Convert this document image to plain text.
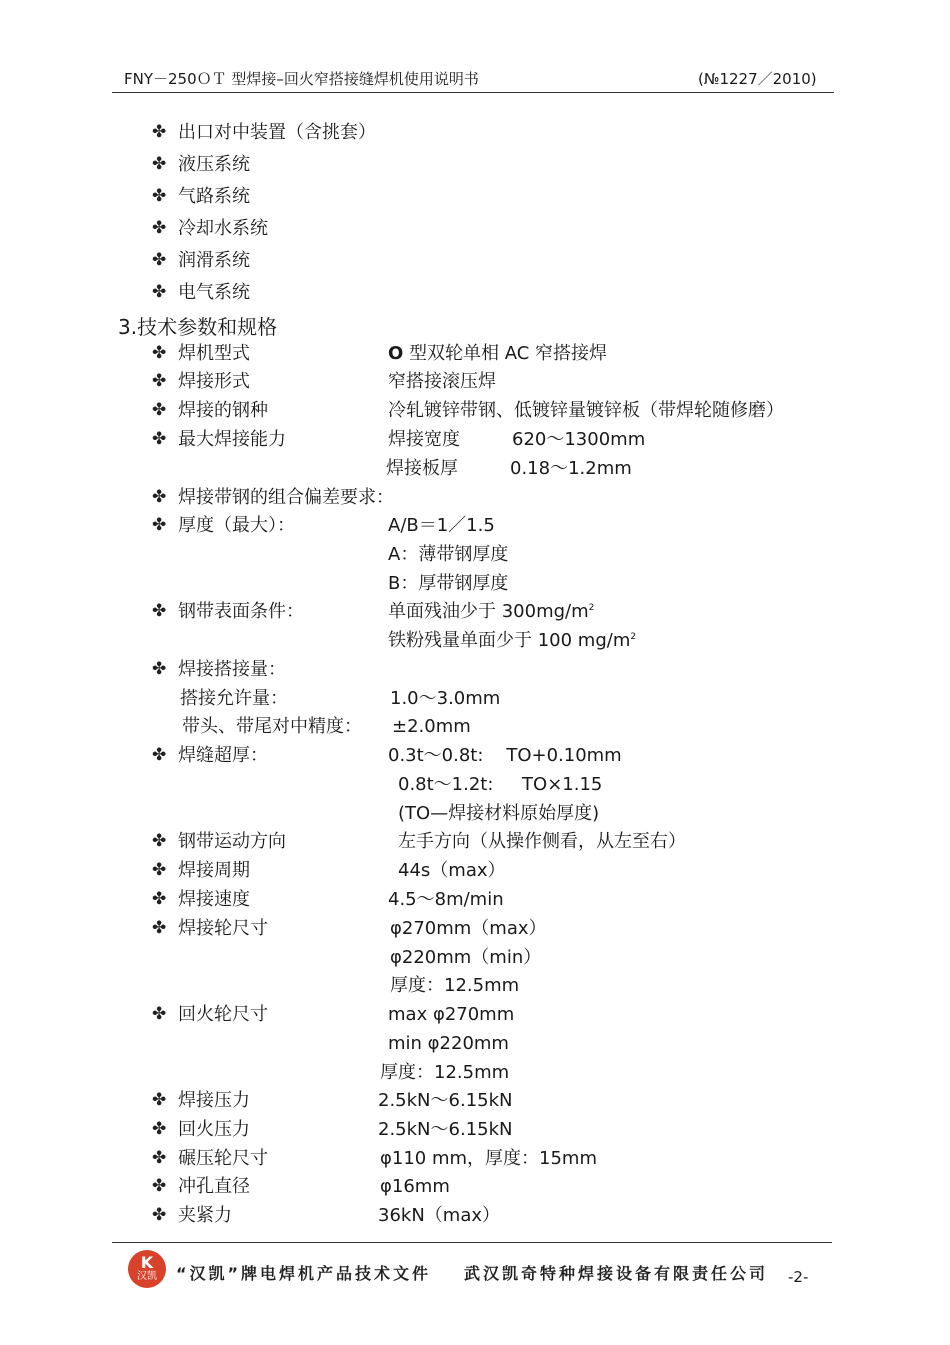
FNY－250ＯＴ 型焊接–回火窄搭接缝焊机使用说明书	(№1227／2010)
✤ 出口对中装置（含挑套）
✤ 液压系统
✤ 气路系统
✤ 冷却水系统
✤ 润滑系统
✤ 电气系统
3.技术参数和规格
✤ 焊机型式	O 型双轮单相 AC 窄搭接焊
✤ 焊接形式	窄搭接滚压焊
✤ 焊接的钢种	冷轧镀锌带钢、低镀锌量镀锌板（带焊轮随修磨）
✤ 最大焊接能力	焊接宽度	620～1300mm
焊接板厚	0.18～1.2mm
✤ 焊接带钢的组合偏差要求：
✤ 厚度（最大）：	A/B＝1／1.5
A：薄带钢厚度
B：厚带钢厚度
✤ 钢带表面条件：	单面残油少于 $300mg/m^2$
铁粉残量单面少于 100 $mg/m^2$
✤ 焊接搭接量：
搭接允许量：	1.0～3.0mm
带头、带尾对中精度： ±2.0mm
✤ 焊缝超厚：	0.3t～0.8t:    TO+0.10mm
0.8t～1.2t:     TO×1.15
(TO—焊接材料原始厚度)
✤ 钢带运动方向	左手方向（从操作侧看，从左至右）
✤ 焊接周期	44s（max）
✤ 焊接速度	4.5～8m/min
✤ 焊接轮尺寸	φ270mm（max）
φ220mm（min）
厚度：12.5mm
✤ 回火轮尺寸	max φ270mm
min φ220mm
厚度：12.5mm
✤ 焊接压力	2.5kN～6.15kN
✤ 回火压力	2.5kN～6.15kN
✤ 碾压轮尺寸	φ110 mm，厚度：15mm
✤ 冲孔直径	φ16mm
✤ 夹紧力	36kN（max）
K
汉凯	“汉凯”牌电焊机产品技术文件 武汉凯奇特种焊接设备有限责任公司 -2-
